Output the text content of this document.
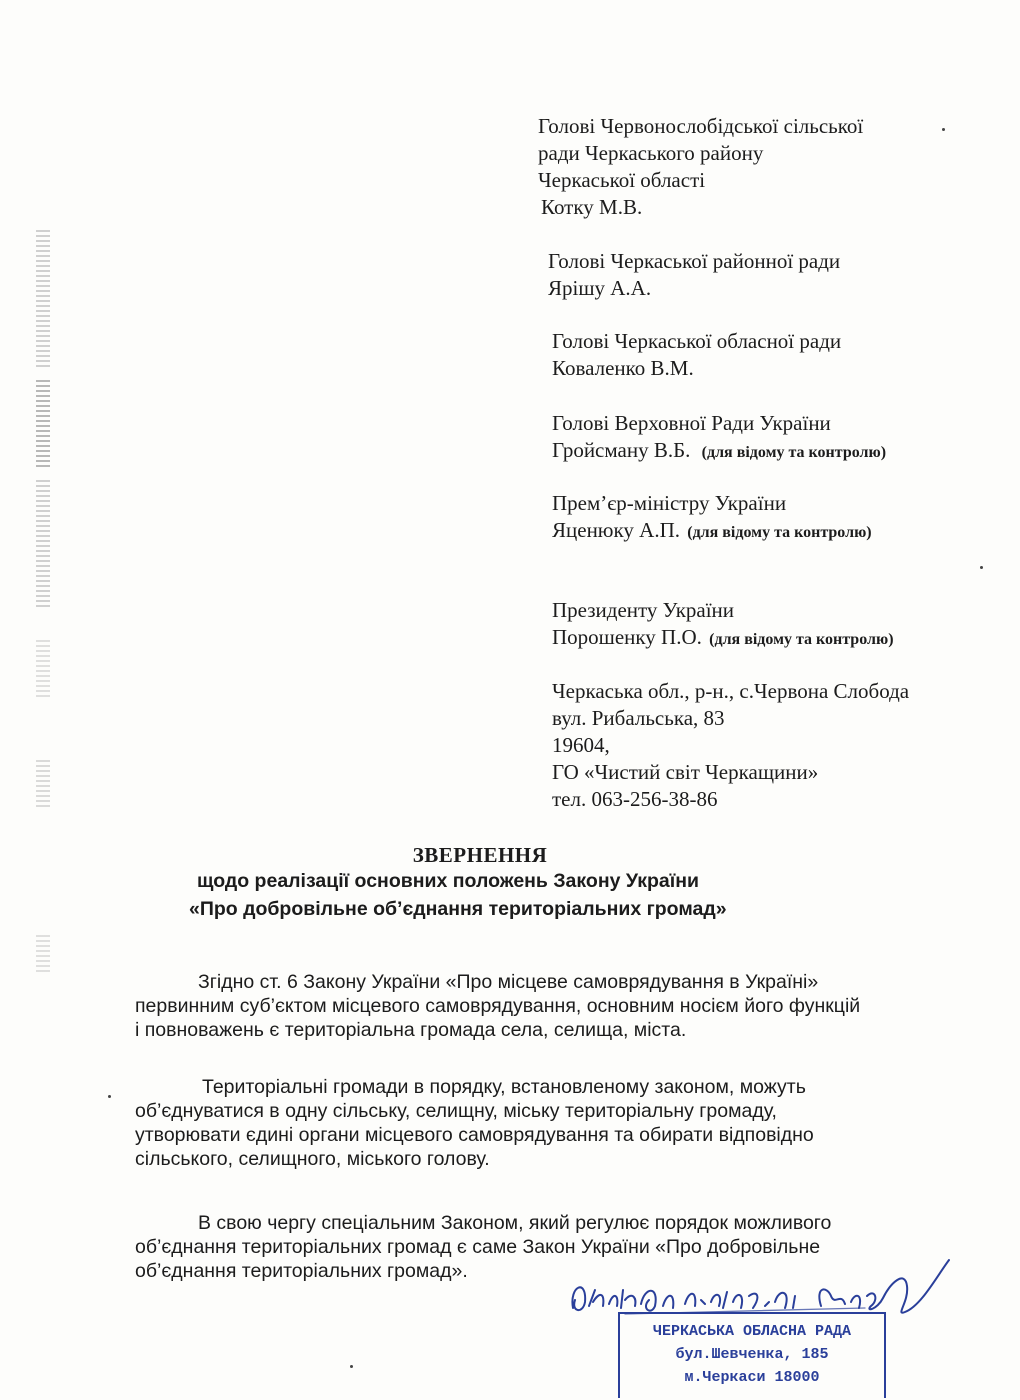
Голові Червонослобідської сільської
ради Черкаського району
Черкаської області
Котку М.В.
Голові Черкаської районної ради
Ярішу А.А.
Голові Черкаської обласної ради
Коваленко В.М.
Голові Верховної Ради України
Гройсману В.Б. (для відому та контролю)
Прем’єр-міністру України
Яценюку А.П. (для відому та контролю)
Президенту України
Порошенку П.О. (для відому та контролю)
Черкаська обл., р-н., с.Червона Слобода
вул. Рибальська, 83
19604,
ГО «Чистий світ Черкащини»
тел. 063-256-38-86
ЗВЕРНЕННЯ
щодо реалізації основних положень Закону України
«Про добровільне об’єднання територіальних громад»
Згідно ст. 6 Закону України «Про місцеве самоврядування в Україні»
первинним суб’єктом місцевого самоврядування, основним носієм його функцій
і повноважень є територіальна громада села, селища, міста.
Територіальні громади в порядку, встановленому законом, можуть
об’єднуватися в одну сільську, селищну, міську територіальну громаду,
утворювати єдині органи місцевого самоврядування та обирати відповідно
сільського, селищного, міського голову.
В свою чергу спеціальним Законом, який регулює порядок можливого
об’єднання територіальних громад є саме Закон України «Про добровільне
об’єднання територіальних громад».
ЧЕРКАСЬКА ОБЛАСНА РАДА
бул.Шевченка, 185
м.Черкаси 18000
